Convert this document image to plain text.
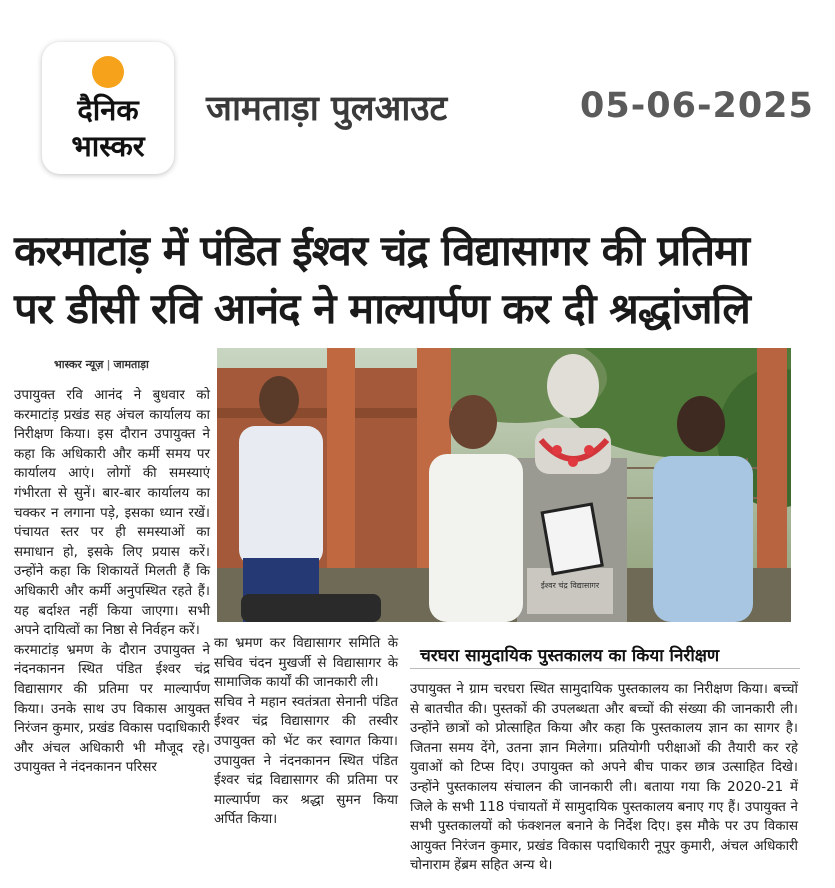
दैनिक
भास्कर
जामताड़ा पुलआउट	05-06-2025
करमाटांड़ में पंडित ईश्वर चंद्र विद्यासागर की प्रतिमा
पर डीसी रवि आनंद ने माल्यार्पण कर दी श्रद्धांजलि
भास्कर न्यूज़ | जामताड़ा

उपायुक्त रवि आनंद ने बुधवार को करमाटांड़ प्रखंड सह अंचल कार्यालय का निरीक्षण किया। इस दौरान उपायुक्त ने कहा कि अधिकारी और कर्मी समय पर कार्यालय आएं। लोगों की समस्याएं गंभीरता से सुनें। बार-बार कार्यालय का चक्कर न लगाना पड़े, इसका ध्यान रखें। पंचायत स्तर पर ही समस्याओं का समाधान हो, इसके लिए प्रयास करें। उन्होंने कहा कि शिकायतें मिलती हैं कि अधिकारी और कर्मी अनुपस्थित रहते हैं। यह बर्दाश्त नहीं किया जाएगा। सभी अपने दायित्वों का निष्ठा से निर्वहन करें।

करमाटांड़ भ्रमण के दौरान उपायुक्त ने नंदनकानन स्थित पंडित ईश्वर चंद्र विद्यासागर की प्रतिमा पर माल्यार्पण किया। उनके साथ उप विकास आयुक्त निरंजन कुमार, प्रखंड विकास पदाधिकारी और अंचल अधिकारी भी मौजूद रहे। उपायुक्त ने नंदनकानन परिसर

ईश्वर चंद्र विद्यासागर

का भ्रमण कर विद्यासागर समिति के सचिव चंदन मुखर्जी से विद्यासागर के सामाजिक कार्यों की जानकारी ली।

सचिव ने महान स्वतंत्रता सेनानी पंडित ईश्वर चंद्र विद्यासागर की तस्वीर उपायुक्त को भेंट कर स्वागत किया। उपायुक्त ने नंदनकानन स्थित पंडित ईश्वर चंद्र विद्यासागर की प्रतिमा पर माल्यार्पण कर श्रद्धा सुमन किया अर्पित किया।

चरघरा सामुदायिक पुस्तकालय का किया निरीक्षण

उपायुक्त ने ग्राम चरघरा स्थित सामुदायिक पुस्तकालय का निरीक्षण किया। बच्चों से बातचीत की। पुस्तकों की उपलब्धता और बच्चों की संख्या की जानकारी ली। उन्होंने छात्रों को प्रोत्साहित किया और कहा कि पुस्तकालय ज्ञान का सागर है। जितना समय देंगे, उतना ज्ञान मिलेगा। प्रतियोगी परीक्षाओं की तैयारी कर रहे युवाओं को टिप्स दिए। उपायुक्त को अपने बीच पाकर छात्र उत्साहित दिखे। उन्होंने पुस्तकालय संचालन की जानकारी ली। बताया गया कि 2020-21 में जिले के सभी 118 पंचायतों में सामुदायिक पुस्तकालय बनाए गए हैं। उपायुक्त ने सभी पुस्तकालयों को फंक्शनल बनाने के निर्देश दिए। इस मौके पर उप विकास आयुक्त निरंजन कुमार, प्रखंड विकास पदाधिकारी नूपुर कुमारी, अंचल अधिकारी चोनाराम हेंब्रम सहित अन्य थे।
